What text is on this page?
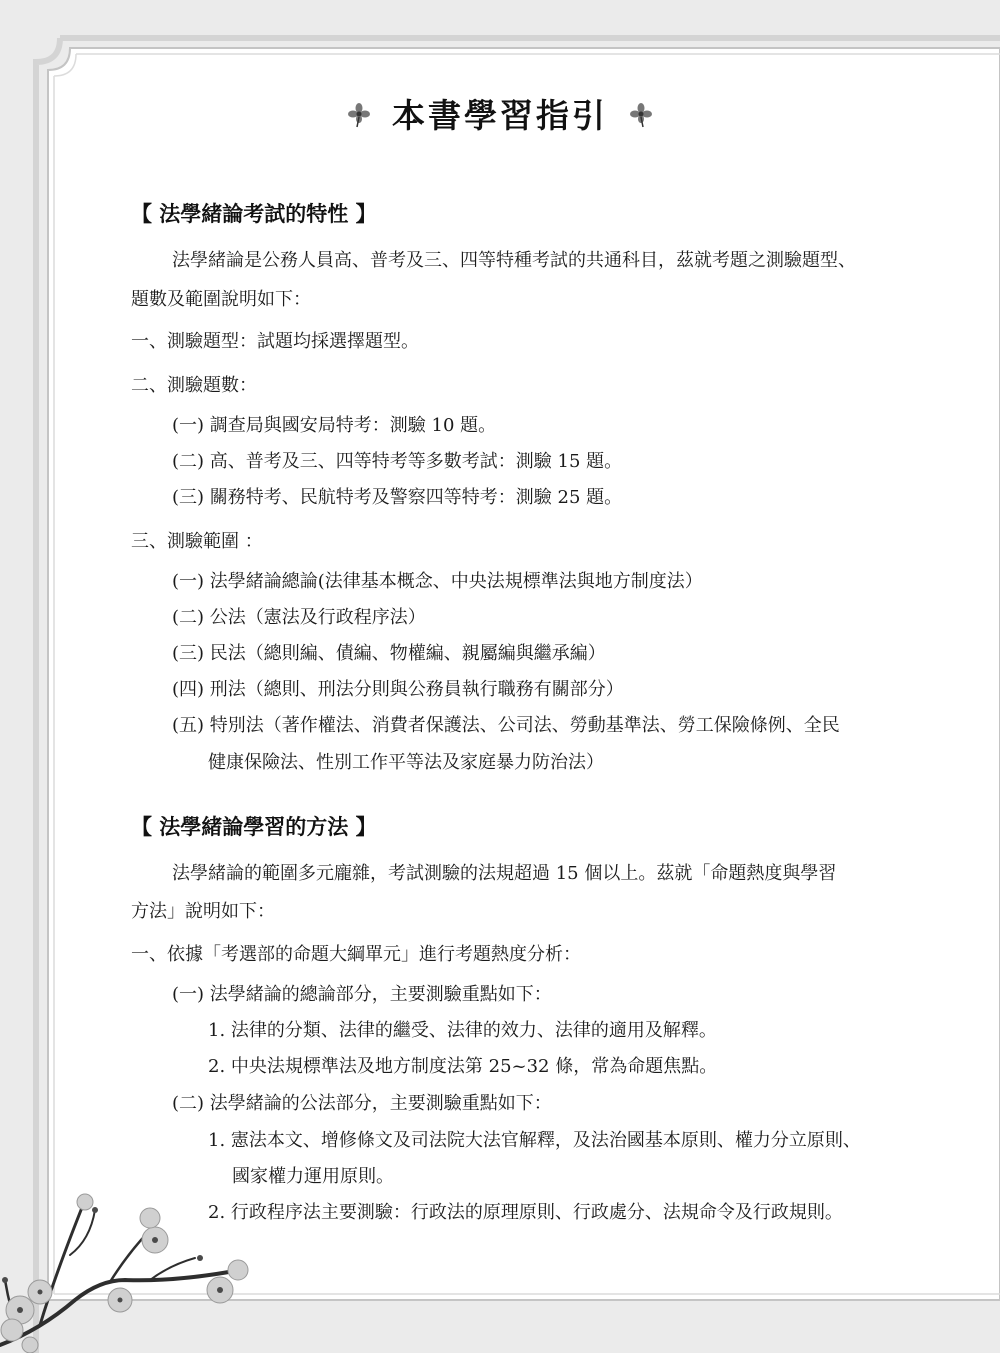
本書學習指引
【 法學緒論考試的特性 】
法學緒論是公務人員高、普考及三、四等特種考試的共通科目，茲就考題之測驗題型、
題數及範圍說明如下：
一、測驗題型：試題均採選擇題型。
二、測驗題數：
(一) 調查局與國安局特考：測驗 10 題。
(二) 高、普考及三、四等特考等多數考試：測驗 15 題。
(三) 關務特考、民航特考及警察四等特考：測驗 25 題。
三、測驗範圍 ：
(一) 法學緒論總論(法律基本概念、中央法規標準法與地方制度法）
(二) 公法（憲法及行政程序法）
(三) 民法（總則編、債編、物權編、親屬編與繼承編）
(四) 刑法（總則、刑法分則與公務員執行職務有關部分）
(五) 特別法（著作權法、消費者保護法、公司法、勞動基準法、勞工保險條例、全民
健康保險法、性別工作平等法及家庭暴力防治法）
【 法學緒論學習的方法 】
法學緒論的範圍多元龐雜，考試測驗的法規超過 15 個以上。茲就「命題熱度與學習
方法」說明如下：
一、依據「考選部的命題大綱單元」進行考題熱度分析：
(一) 法學緒論的總論部分，主要測驗重點如下：
1. 法律的分類、法律的繼受、法律的效力、法律的適用及解釋。
2. 中央法規標準法及地方制度法第 25~32 條，常為命題焦點。
(二) 法學緒論的公法部分，主要測驗重點如下：
1. 憲法本文、增修條文及司法院大法官解釋，及法治國基本原則、權力分立原則、
國家權力運用原則。
2. 行政程序法主要測驗：行政法的原理原則、行政處分、法規命令及行政規則。
